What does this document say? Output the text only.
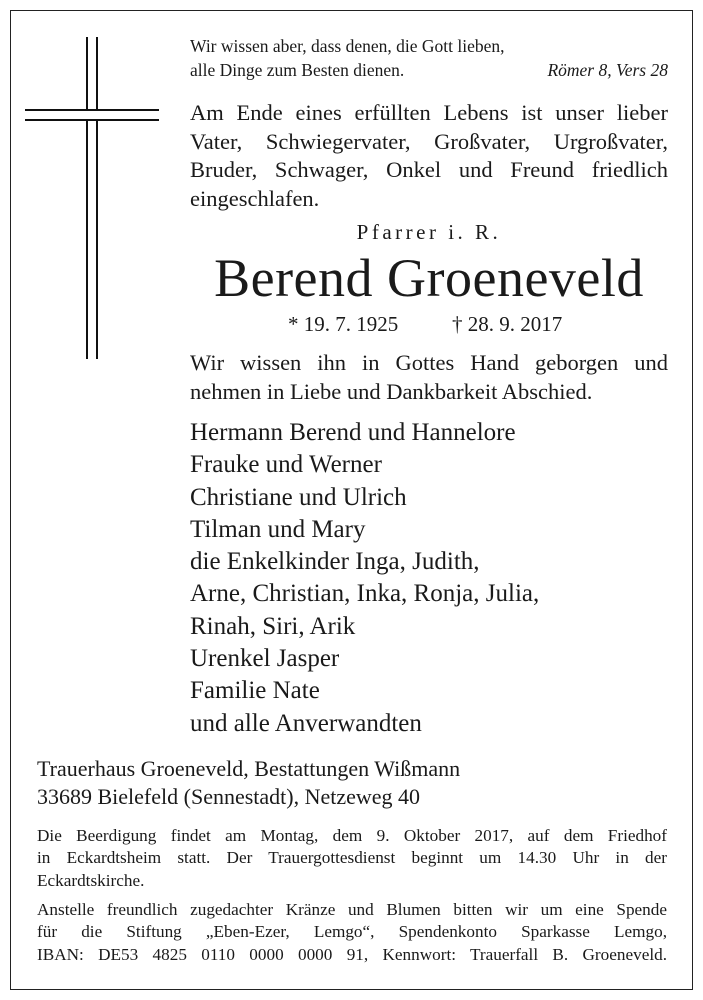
Wir wissen aber, dass denen, die Gott lieben,
alle Dinge zum Besten dienen.	Römer 8, Vers 28
Am Ende eines erfüllten Lebens ist unser lieber
Vater, Schwiegervater, Großvater, Urgroßvater,
Bruder, Schwager, Onkel und Freund friedlich
eingeschlafen.
Pfarrer i. R.
Berend Groeneveld
* 19. 7. 1925	† 28. 9. 2017
Wir wissen ihn in Gottes Hand geborgen und
nehmen in Liebe und Dankbarkeit Abschied.
Hermann Berend und Hannelore
Frauke und Werner
Christiane und Ulrich
Tilman und Mary
die Enkelkinder Inga, Judith,
Arne, Christian, Inka, Ronja, Julia,
Rinah, Siri, Arik
Urenkel Jasper
Familie Nate
und alle Anverwandten
Trauerhaus Groeneveld, Bestattungen Wißmann
33689 Bielefeld (Sennestadt), Netzeweg 40
Die Beerdigung findet am Montag, dem 9. Oktober 2017, auf dem Friedhof
in Eckardtsheim statt. Der Trauergottesdienst beginnt um 14.30 Uhr in der
Eckardtskirche.
Anstelle freundlich zugedachter Kränze und Blumen bitten wir um eine Spende
für die Stiftung „Eben-Ezer, Lemgo“, Spendenkonto Sparkasse Lemgo,
IBAN: DE53 4825 0110 0000 0000 91, Kennwort: Trauerfall B. Groeneveld.
